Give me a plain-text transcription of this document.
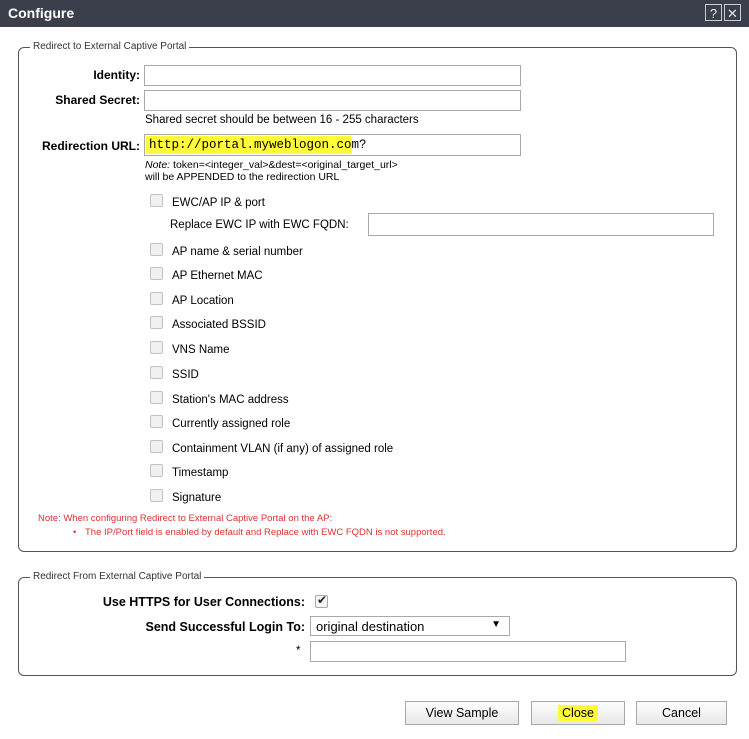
Configure	? ✕
Redirect to External Captive Portal
Identity:
Shared Secret:
Shared secret should be between 16 - 255 characters
Redirection URL: http://portal.myweblogon.com?
Note: token=<integer_val>&dest=<original_target_url>
will be APPENDED to the redirection URL
EWC/AP IP & port
Replace EWC IP with EWC FQDN:
AP name & serial number
AP Ethernet MAC
AP Location
Associated BSSID
VNS Name
SSID
Station's MAC address
Currently assigned role
Containment VLAN (if any) of assigned role
Timestamp
Signature
Note: When configuring Redirect to External Captive Portal on the AP:
• The IP/Port field is enabled by default and Replace with EWC FQDN is not supported.
Redirect From External Captive Portal
Use HTTPS for User Connections: ✔
Send Successful Login To: original destination	▼
*
View Sample	Close	Cancel
